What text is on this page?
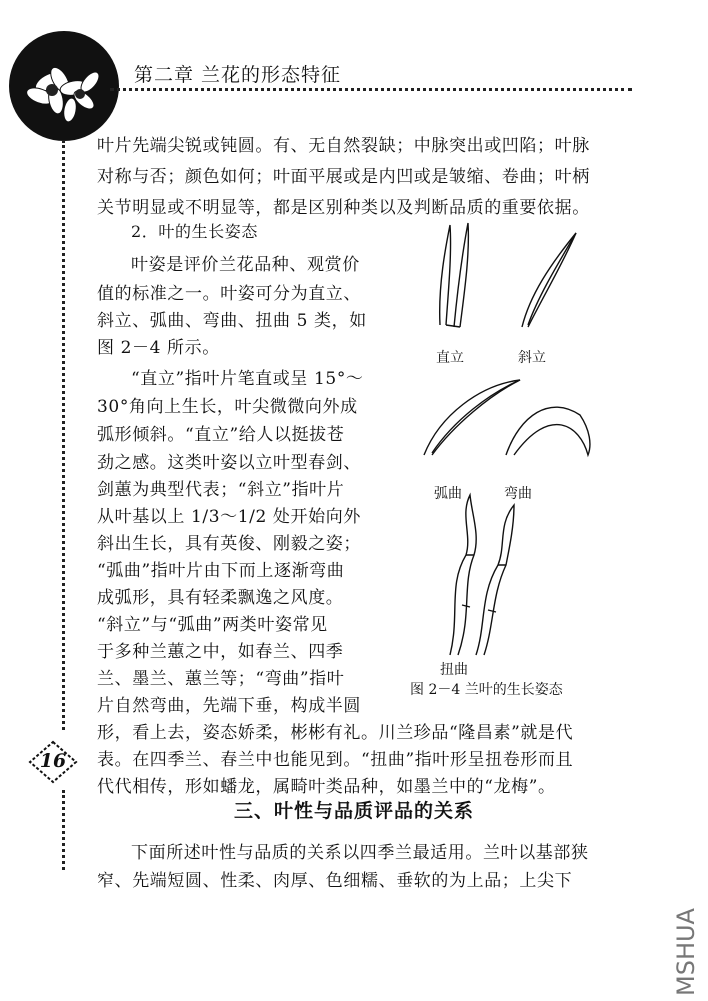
第二章 兰花的形态特征
16
叶片先端尖锐或钝圆。有、无自然裂缺；中脉突出或凹陷；叶脉
对称与否；颜色如何；叶面平展或是内凹或是皱缩、卷曲；叶柄
关节明显或不明显等，都是区别种类以及判断品质的重要依据。
2．叶的生长姿态
叶姿是评价兰花品种、观赏价
值的标准之一。叶姿可分为直立、
斜立、弧曲、弯曲、扭曲 5 类，如
图 2－4 所示。
“直立”指叶片笔直或呈 15°～
30°角向上生长，叶尖微微向外成
弧形倾斜。“直立”给人以挺拔苍
劲之感。这类叶姿以立叶型春剑、
剑蕙为典型代表；“斜立”指叶片
从叶基以上 1/3～1/2 处开始向外
斜出生长，具有英俊、刚毅之姿；
“弧曲”指叶片由下而上逐渐弯曲
成弧形，具有轻柔飘逸之风度。
“斜立”与“弧曲”两类叶姿常见
于多种兰蕙之中，如春兰、四季
兰、墨兰、蕙兰等；“弯曲”指叶
片自然弯曲，先端下垂，构成半圆
形，看上去，姿态娇柔，彬彬有礼。川兰珍品“隆昌素”就是代
表。在四季兰、春兰中也能见到。“扭曲”指叶形呈扭卷形而且
代代相传，形如蟠龙，属畸叶类品种，如墨兰中的“龙梅”。
直立	斜立
弧曲	弯曲
扭曲
图 2－4 兰叶的生长姿态
三、叶性与品质评品的关系
下面所述叶性与品质的关系以四季兰最适用。兰叶以基部狭
窄、先端短圆、性柔、肉厚、色细糯、垂软的为上品；上尖下
MSHUA
